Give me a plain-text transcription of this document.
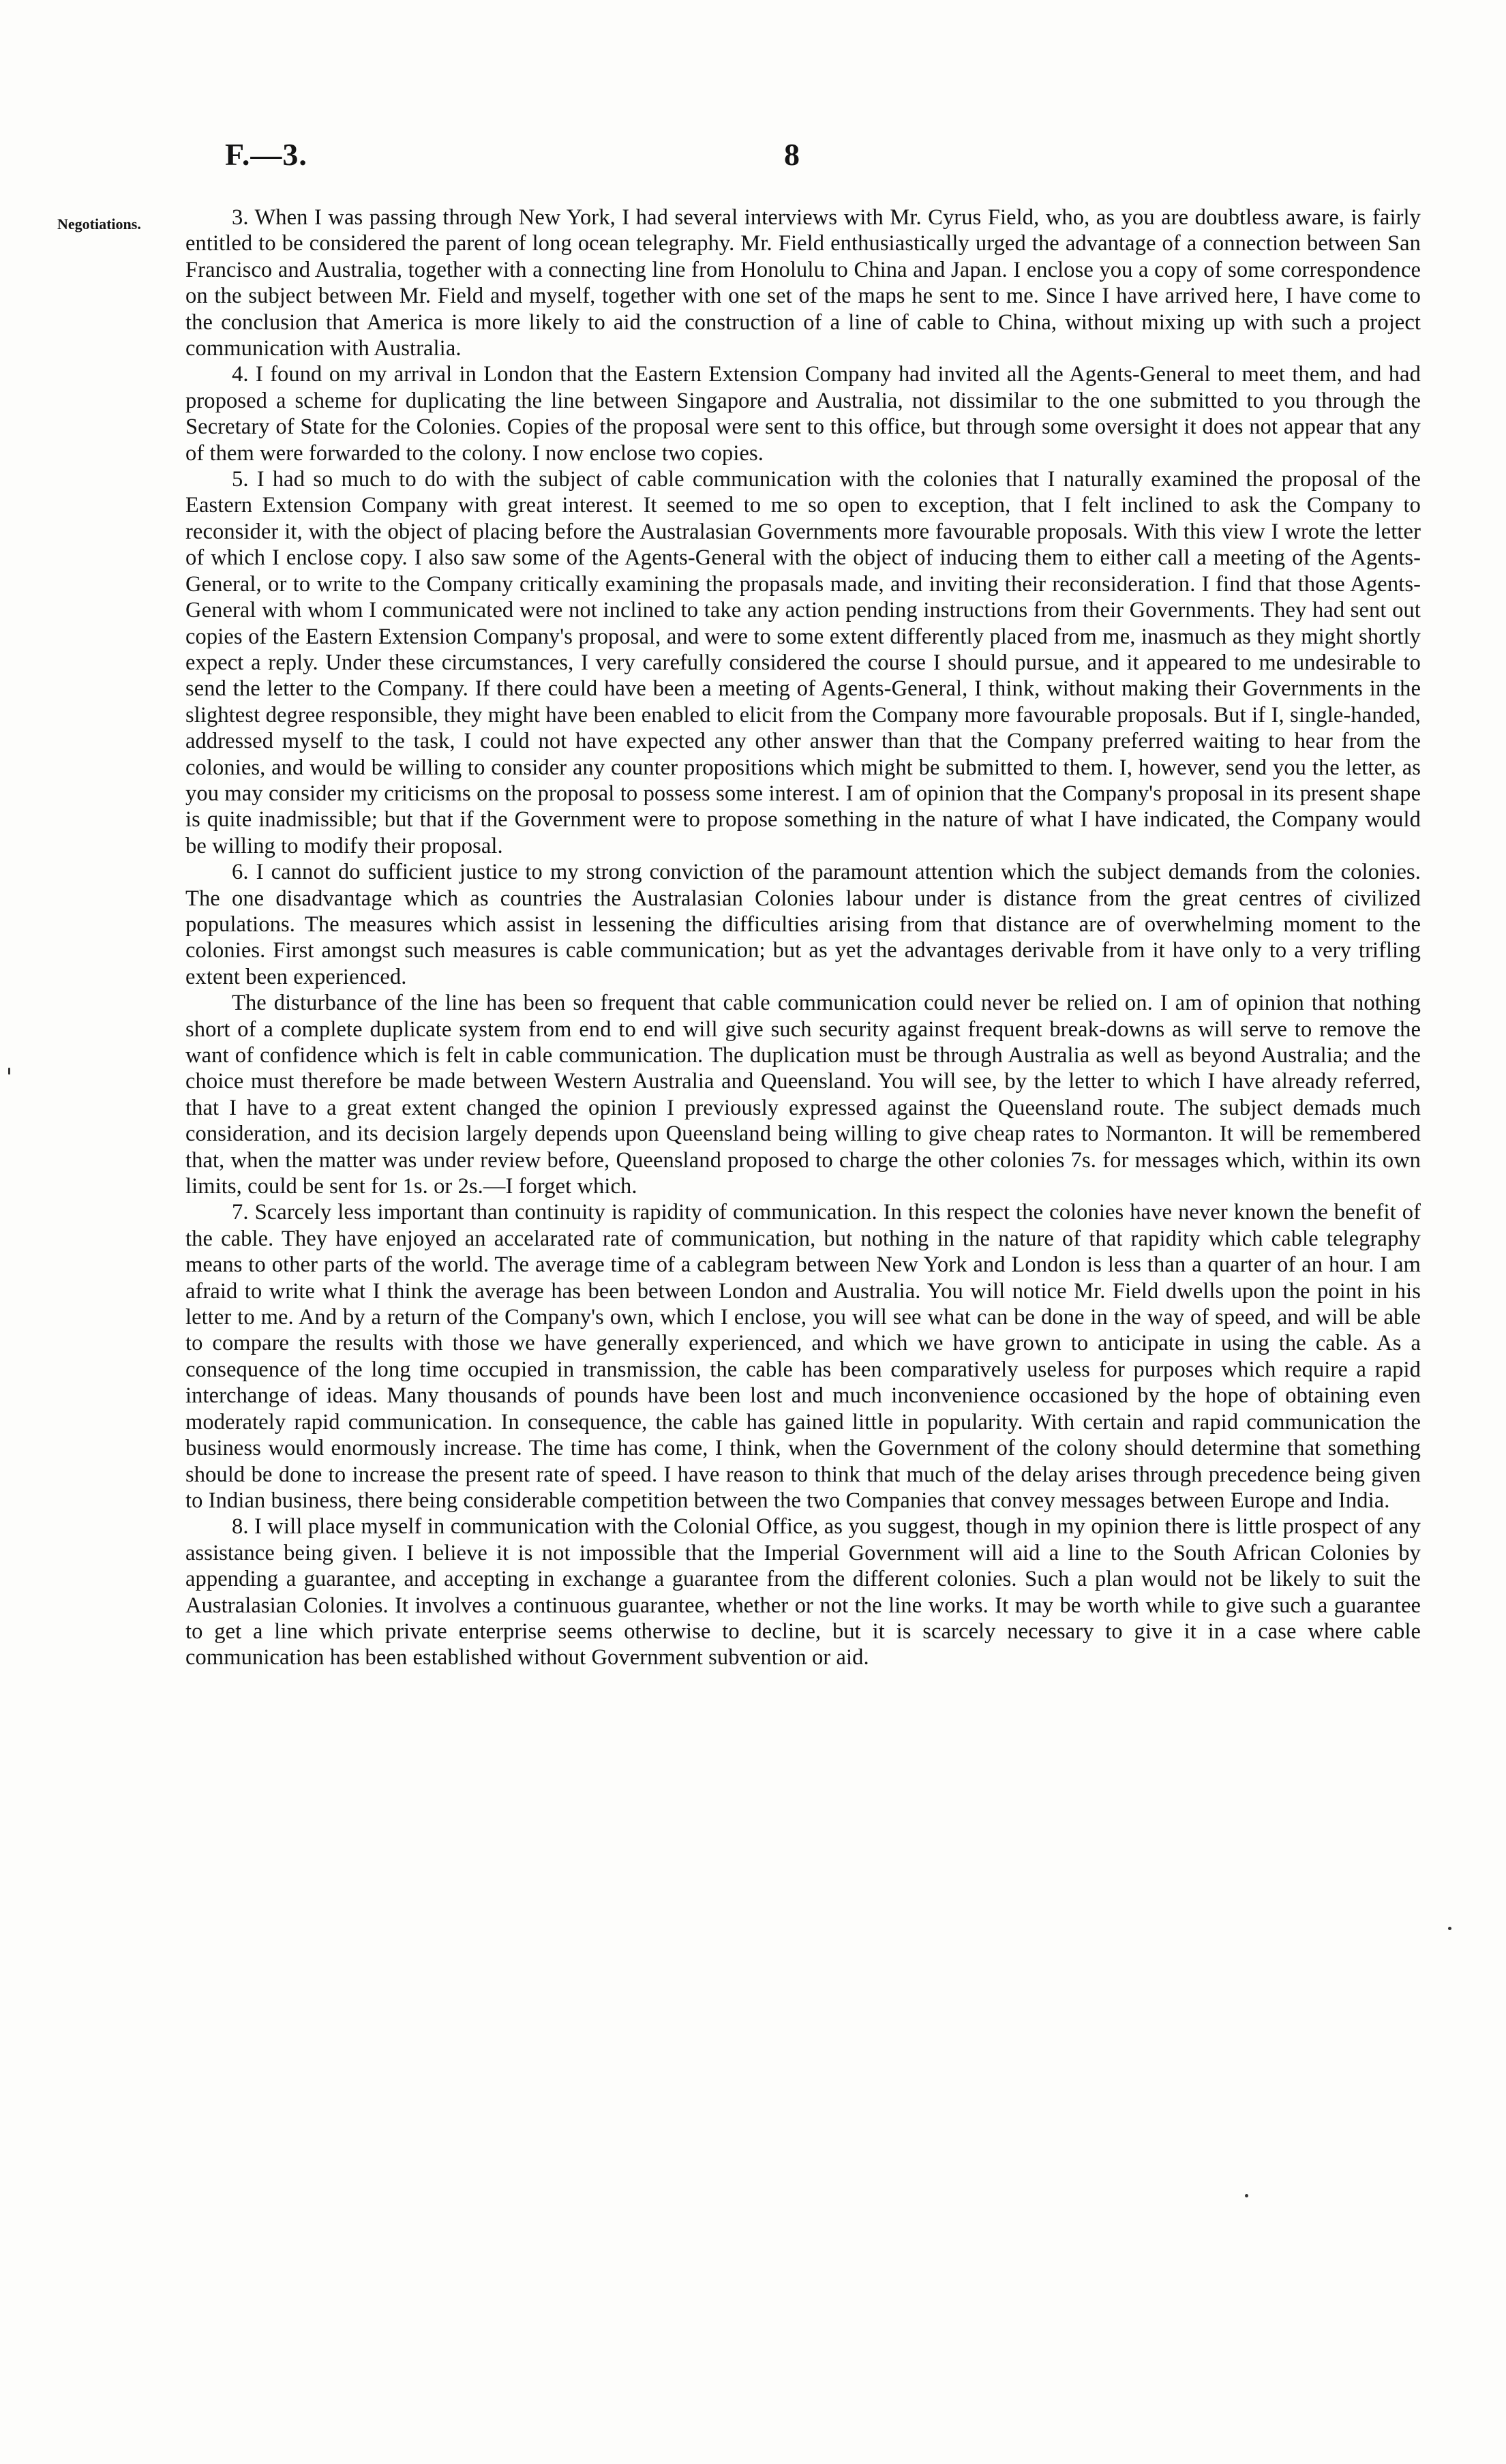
F.—3.	8
Negotiations.	3. When I was passing through New York, I had several interviews with Mr. Cyrus Field, who, as you are doubtless aware, is fairly entitled to be considered the parent of long ocean telegraphy. Mr. Field enthusiastically urged the advantage of a connection between San Francisco and Australia, together with a connecting line from Honolulu to China and Japan. I enclose you a copy of some correspondence on the subject between Mr. Field and myself, together with one set of the maps he sent to me. Since I have arrived here, I have come to the conclusion that America is more likely to aid the construction of a line of cable to China, without mixing up with such a project communication with Australia.

4. I found on my arrival in London that the Eastern Extension Company had invited all the Agents-General to meet them, and had proposed a scheme for duplicating the line between Singapore and Australia, not dissimilar to the one submitted to you through the Secretary of State for the Colonies. Copies of the proposal were sent to this office, but through some oversight it does not appear that any of them were forwarded to the colony. I now enclose two copies.

5. I had so much to do with the subject of cable communication with the colonies that I naturally examined the proposal of the Eastern Extension Company with great interest. It seemed to me so open to exception, that I felt inclined to ask the Company to reconsider it, with the object of placing before the Australasian Governments more favourable proposals. With this view I wrote the letter of which I enclose copy. I also saw some of the Agents-General with the object of inducing them to either call a meeting of the Agents-General, or to write to the Company critically examining the propasals made, and inviting their reconsideration. I find that those Agents-General with whom I communicated were not inclined to take any action pending instructions from their Governments. They had sent out copies of the Eastern Extension Company's proposal, and were to some extent differently placed from me, inasmuch as they might shortly expect a reply. Under these circumstances, I very carefully considered the course I should pursue, and it appeared to me undesirable to send the letter to the Company. If there could have been a meeting of Agents-General, I think, without making their Governments in the slightest degree responsible, they might have been enabled to elicit from the Company more favourable proposals. But if I, single-handed, addressed myself to the task, I could not have expected any other answer than that the Company preferred waiting to hear from the colonies, and would be willing to consider any counter propositions which might be submitted to them. I, however, send you the letter, as you may consider my criticisms on the proposal to possess some interest. I am of opinion that the Company's proposal in its present shape is quite inadmissible; but that if the Government were to propose something in the nature of what I have indicated, the Company would be willing to modify their proposal.

6. I cannot do sufficient justice to my strong conviction of the paramount attention which the subject demands from the colonies. The one disadvantage which as countries the Australasian Colonies labour under is distance from the great centres of civilized populations. The measures which assist in lessening the difficulties arising from that distance are of overwhelming moment to the colonies. First amongst such measures is cable communication; but as yet the advantages derivable from it have only to a very trifling extent been experienced.

The disturbance of the line has been so frequent that cable communication could never be relied on. I am of opinion that nothing short of a complete duplicate system from end to end will give such security against frequent break-downs as will serve to remove the want of confidence which is felt in cable communication. The duplication must be through Australia as well as beyond Australia; and the choice must therefore be made between Western Australia and Queensland. You will see, by the letter to which I have already referred, that I have to a great extent changed the opinion I previously expressed against the Queensland route. The subject demads much consideration, and its decision largely depends upon Queensland being willing to give cheap rates to Normanton. It will be remembered that, when the matter was under review before, Queensland proposed to charge the other colonies 7s. for messages which, within its own limits, could be sent for 1s. or 2s.—I forget which.

7. Scarcely less important than continuity is rapidity of communication. In this respect the colonies have never known the benefit of the cable. They have enjoyed an accelarated rate of communication, but nothing in the nature of that rapidity which cable telegraphy means to other parts of the world. The average time of a cablegram between New York and London is less than a quarter of an hour. I am afraid to write what I think the average has been between London and Australia. You will notice Mr. Field dwells upon the point in his letter to me. And by a return of the Company's own, which I enclose, you will see what can be done in the way of speed, and will be able to compare the results with those we have generally experienced, and which we have grown to anticipate in using the cable. As a consequence of the long time occupied in transmission, the cable has been comparatively useless for purposes which require a rapid interchange of ideas. Many thousands of pounds have been lost and much inconvenience occasioned by the hope of obtaining even moderately rapid communication. In consequence, the cable has gained little in popularity. With certain and rapid communication the business would enormously increase. The time has come, I think, when the Government of the colony should determine that something should be done to increase the present rate of speed. I have reason to think that much of the delay arises through precedence being given to Indian business, there being considerable competition between the two Companies that convey messages between Europe and India.

8. I will place myself in communication with the Colonial Office, as you suggest, though in my opinion there is little prospect of any assistance being given. I believe it is not impossible that the Imperial Government will aid a line to the South African Colonies by appending a guarantee, and accepting in exchange a guarantee from the different colonies. Such a plan would not be likely to suit the Australasian Colonies. It involves a continuous guarantee, whether or not the line works. It may be worth while to give such a guarantee to get a line which private enterprise seems otherwise to decline, but it is scarcely necessary to give it in a case where cable communication has been established without Government subvention or aid.
